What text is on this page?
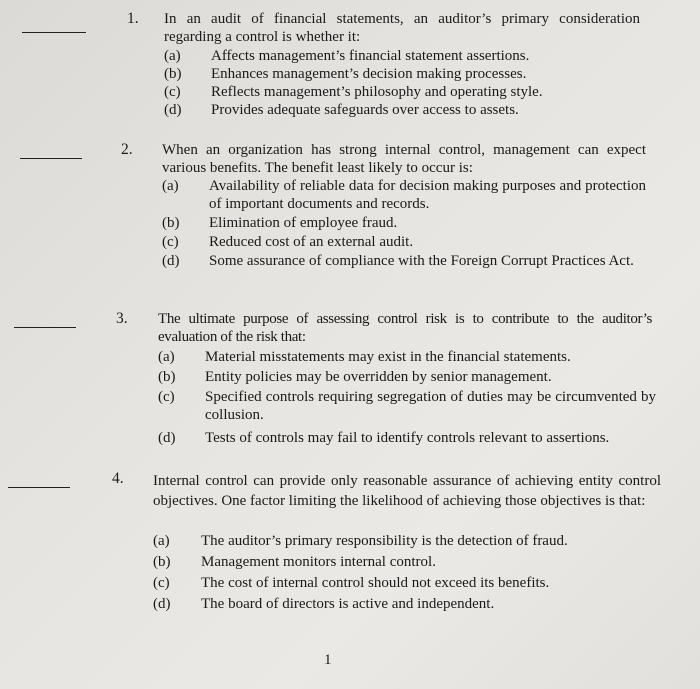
1. In an audit of financial statements, an auditor’s primary consideration regarding a control is whether it:
(a) Affects management’s financial statement assertions.
(b) Enhances management’s decision making processes.
(c) Reflects management’s philosophy and operating style.
(d) Provides adequate safeguards over access to assets.
2. When an organization has strong internal control, management can expect various benefits. The benefit least likely to occur is:
(a) Availability of reliable data for decision making purposes and protection of important documents and records.
(b) Elimination of employee fraud.
(c) Reduced cost of an external audit.
(d) Some assurance of compliance with the Foreign Corrupt Practices Act.
3. The ultimate purpose of assessing control risk is to contribute to the auditor’s evaluation of the risk that:
(a) Material misstatements may exist in the financial statements.
(b) Entity policies may be overridden by senior management.
(c) Specified controls requiring segregation of duties may be circumvented by collusion.
(d) Tests of controls may fail to identify controls relevant to assertions.
4. Internal control can provide only reasonable assurance of achieving entity control objectives. One factor limiting the likelihood of achieving those objectives is that:
(a) The auditor’s primary responsibility is the detection of fraud.
(b) Management monitors internal control.
(c) The cost of internal control should not exceed its benefits.
(d) The board of directors is active and independent.
1
